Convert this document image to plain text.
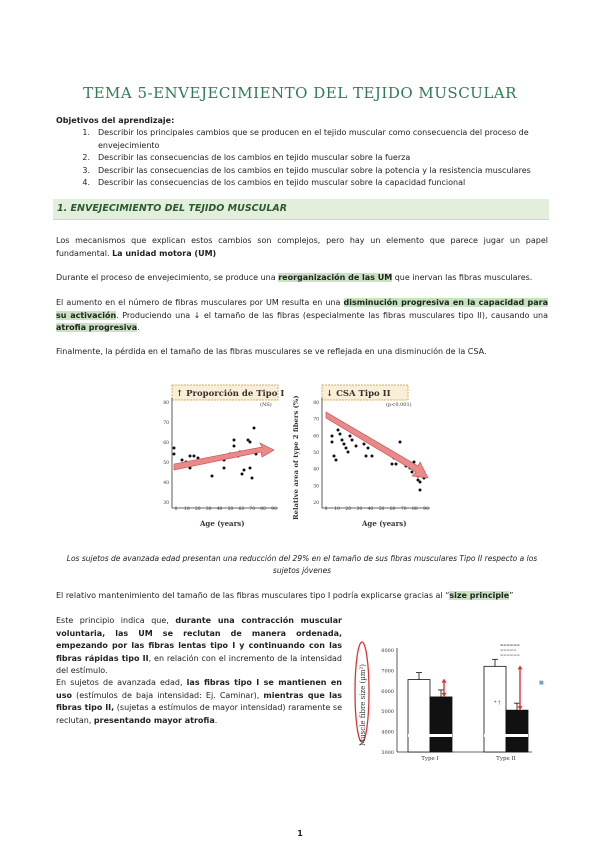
TEMA 5-ENVEJECIMIENTO DEL TEJIDO MUSCULAR
Objetivos del aprendizaje:
1.	Describir los principales cambios que se producen en el tejido muscular como consecuencia del proceso de envejecimiento
2.	Describir las consecuencias de los cambios en tejido muscular sobre la fuerza
3.	Describir las consecuencias de los cambios en tejido muscular sobre la potencia y la resistencia musculares
4.	Describir las consecuencias de los cambios en tejido muscular sobre la capacidad funcional
1. ENVEJECIMIENTO DEL TEJIDO MUSCULAR
Los mecanismos que explican estos cambios son complejos, pero hay un elemento que parece jugar un papel fundamental. La unidad motora (UM)
Durante el proceso de envejecimiento, se produce una reorganización de las UM que inervan las fibras musculares.
El aumento en el número de fibras musculares por UM resulta en una disminución progresiva en la capacidad para su activación. Produciendo una ↓ el tamaño de las fibras (especialmente las fibras musculares tipo II), causando una atrofia progresiva.
Finalmente, la pérdida en el tamaño de las fibras musculares se ve reflejada en una disminución de la CSA.
↑ Proporción de Tipo I
(NS)
80
70
60
50
40
30
0 10 20 30 40 50 60 70 80 90
Age (years)
Relative area of type 2 fibers (%)
↓ CSA Tipo II
(p<0.001)
80
70
60
50
40
30
20
0 10 20 30 40 50 60 70 80 90
Age (years)
Los sujetos de avanzada edad presentan una reducción del 29% en el tamaño de sus fibras musculares Tipo II respecto a los sujetos jóvenes
El relativo mantenimiento del tamaño de las fibras musculares tipo I podría explicarse gracias al “size principle”
Este principio indica que, durante una contracción muscular voluntaria, las UM se reclutan de manera ordenada, empezando por las fibras lentas tipo I y continuando con las fibras rápidas tipo II, en relación con el incremento de la intensidad del estímulo.
En sujetos de avanzada edad, las fibras tipo I se mantienen en uso (estímulos de baja intensidad: Ej. Caminar), mientras que las fibras tipo II, (sujetas a estímulos de mayor intensidad) raramente se reclutan, presentando mayor atrofia.
▬▬▬▬▬▬
▬▬▬▬▬
▬▬▬▬▬▬
■
Muscle fibre size (µm²)
8000
7000
6000
5000
4000
3000
Type I	Type II
* †
1
